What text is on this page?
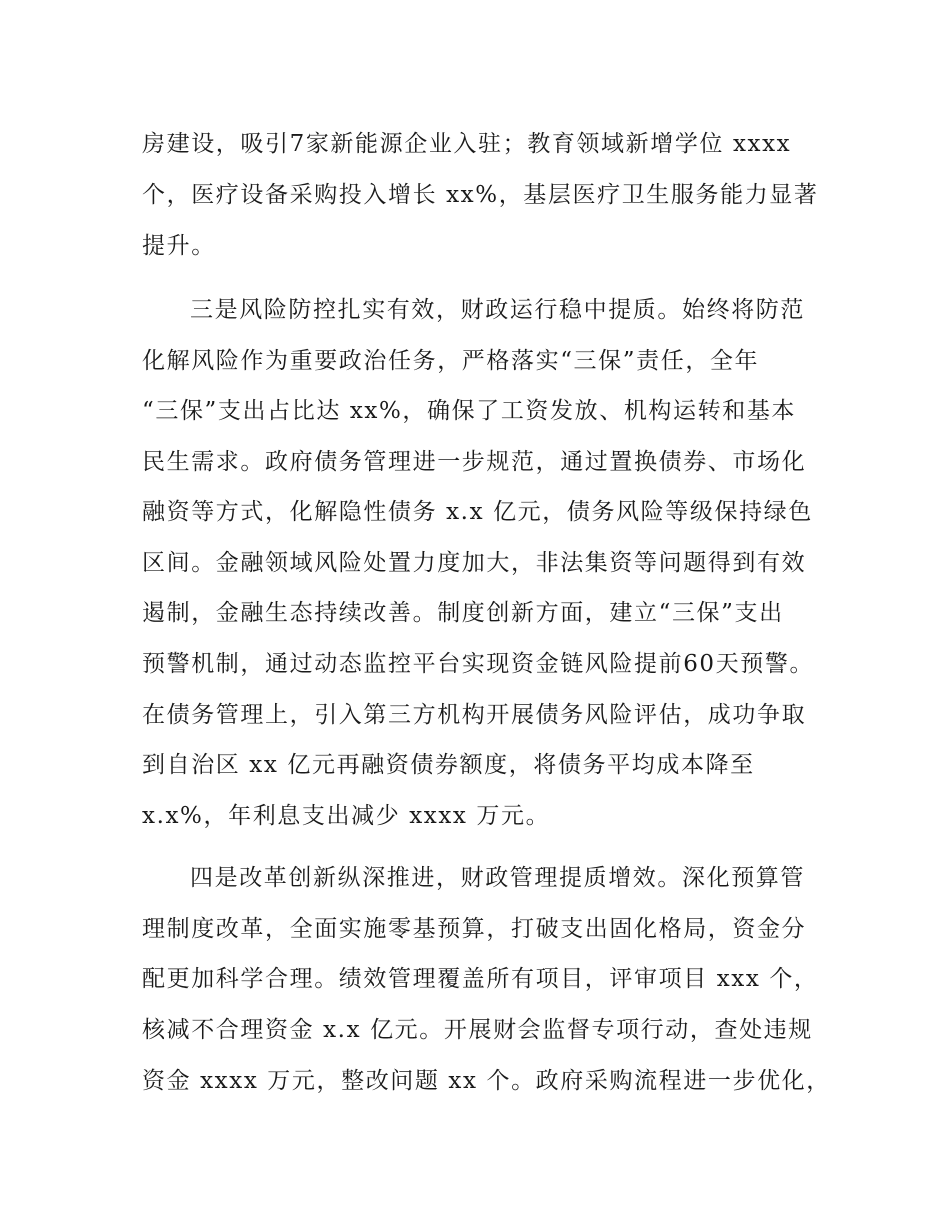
房建设，吸引7家新能源企业入驻；教育领域新增学位 xxxx

个，医疗设备采购投入增长 xx%，基层医疗卫生服务能力显著

提升。

三是风险防控扎实有效，财政运行稳中提质。始终将防范

化解风险作为重要政治任务，严格落实“三保”责任，全年

“三保”支出占比达 xx%，确保了工资发放、机构运转和基本

民生需求。政府债务管理进一步规范，通过置换债券、市场化

融资等方式，化解隐性债务 x.x 亿元，债务风险等级保持绿色

区间。金融领域风险处置力度加大，非法集资等问题得到有效

遏制，金融生态持续改善。制度创新方面，建立“三保”支出

预警机制，通过动态监控平台实现资金链风险提前60天预警。

在债务管理上，引入第三方机构开展债务风险评估，成功争取

到自治区 xx 亿元再融资债券额度，将债务平均成本降至

x.x%，年利息支出减少 xxxx 万元。

四是改革创新纵深推进，财政管理提质增效。深化预算管

理制度改革，全面实施零基预算，打破支出固化格局，资金分

配更加科学合理。绩效管理覆盖所有项目，评审项目 xxx 个，

核减不合理资金 x.x 亿元。开展财会监督专项行动，查处违规

资金 xxxx 万元，整改问题 xx 个。政府采购流程进一步优化，
